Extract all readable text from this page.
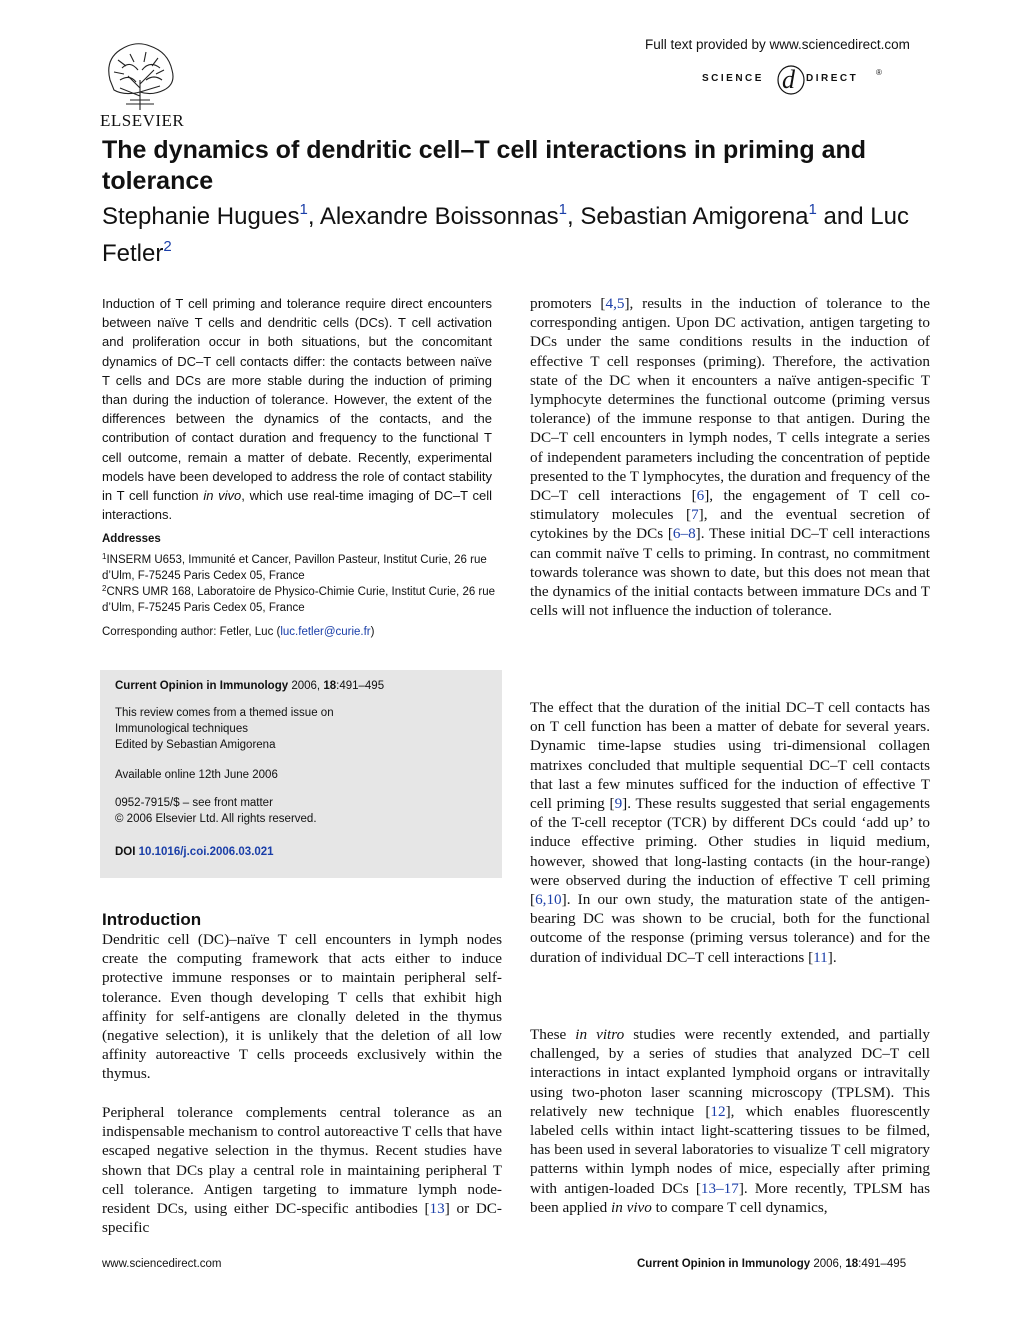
ELSEVIER
Full text provided by www.sciencedirect.com
SCIENCE d DIRECT
®
The dynamics of dendritic cell–T cell interactions in priming and tolerance
Stephanie Hugues$^1$, Alexandre Boissonnas$^1$, Sebastian Amigorena$^1$ and Luc Fetler$^2$
Induction of T cell priming and tolerance require direct encounters between naïve T cells and dendritic cells (DCs). T cell activation and proliferation occur in both situations, but the concomitant dynamics of DC–T cell contacts differ: the contacts between naïve T cells and DCs are more stable during the induction of priming than during the induction of tolerance. However, the extent of the differences between the dynamics of the contacts, and the contribution of contact duration and frequency to the functional T cell outcome, remain a matter of debate. Recently, experimental models have been developed to address the role of contact stability in T cell function in vivo, which use real-time imaging of DC–T cell interactions.
Addresses
$^1$INSERM U653, Immunité et Cancer, Pavillon Pasteur, Institut Curie, 26 rue d’Ulm, F-75245 Paris Cedex 05, France
$^2$CNRS UMR 168, Laboratoire de Physico-Chimie Curie, Institut Curie, 26 rue d’Ulm, F-75245 Paris Cedex 05, France
Corresponding author: Fetler, Luc (luc.fetler@curie.fr)
Current Opinion in Immunology 2006, 18:491–495
This review comes from a themed issue on
Immunological techniques
Edited by Sebastian Amigorena
Available online 12th June 2006
0952-7915/$ – see front matter
© 2006 Elsevier Ltd. All rights reserved.
DOI 10.1016/j.coi.2006.03.021
Introduction
Dendritic cell (DC)–naïve T cell encounters in lymph nodes create the computing framework that acts either to induce protective immune responses or to maintain peripheral self-tolerance. Even though developing T cells that exhibit high affinity for self-antigens are clonally deleted in the thymus (negative selection), it is unlikely that the deletion of all low affinity autoreactive T cells proceeds exclusively within the thymus.
Peripheral tolerance complements central tolerance as an indispensable mechanism to control autoreactive T cells that have escaped negative selection in the thymus. Recent studies have shown that DCs play a central role in maintaining peripheral T cell tolerance. Antigen targeting to immature lymph node-resident DCs, using either DC-specific antibodies [13] or DC-specific
promoters [4,5], results in the induction of tolerance to the corresponding antigen. Upon DC activation, antigen targeting to DCs under the same conditions results in the induction of effective T cell responses (priming). Therefore, the activation state of the DC when it encounters a naïve antigen-specific T lymphocyte determines the functional outcome (priming versus tolerance) of the immune response to that antigen. During the DC–T cell encounters in lymph nodes, T cells integrate a series of independent parameters including the concentration of peptide presented to the T lymphocytes, the duration and frequency of the DC–T cell interactions [6], the engagement of T cell co-stimulatory molecules [7], and the eventual secretion of cytokines by the DCs [6–8]. These initial DC–T cell interactions can commit naïve T cells to priming. In contrast, no commitment towards tolerance was shown to date, but this does not mean that the dynamics of the initial contacts between immature DCs and T cells will not influence the induction of tolerance.
The effect that the duration of the initial DC–T cell contacts has on T cell function has been a matter of debate for several years. Dynamic time-lapse studies using tri-dimensional collagen matrixes concluded that multiple sequential DC–T cell contacts that last a few minutes sufficed for the induction of effective T cell priming [9]. These results suggested that serial engagements of the T-cell receptor (TCR) by different DCs could ‘add up’ to induce effective priming. Other studies in liquid medium, however, showed that long-lasting contacts (in the hour-range) were observed during the induction of effective T cell priming [6,10]. In our own study, the maturation state of the antigen-bearing DC was shown to be crucial, both for the functional outcome of the response (priming versus tolerance) and for the duration of individual DC–T cell interactions [11].
These in vitro studies were recently extended, and partially challenged, by a series of studies that analyzed DC–T cell interactions in intact explanted lymphoid organs or intravitally using two-photon laser scanning microscopy (TPLSM). This relatively new technique [12], which enables fluorescently labeled cells within intact light-scattering tissues to be filmed, has been used in several laboratories to visualize T cell migratory patterns within lymph nodes of mice, especially after priming with antigen-loaded DCs [13–17]. More recently, TPLSM has been applied in vivo to compare T cell dynamics,
www.sciencedirect.com	Current Opinion in Immunology 2006, 18:491–495
